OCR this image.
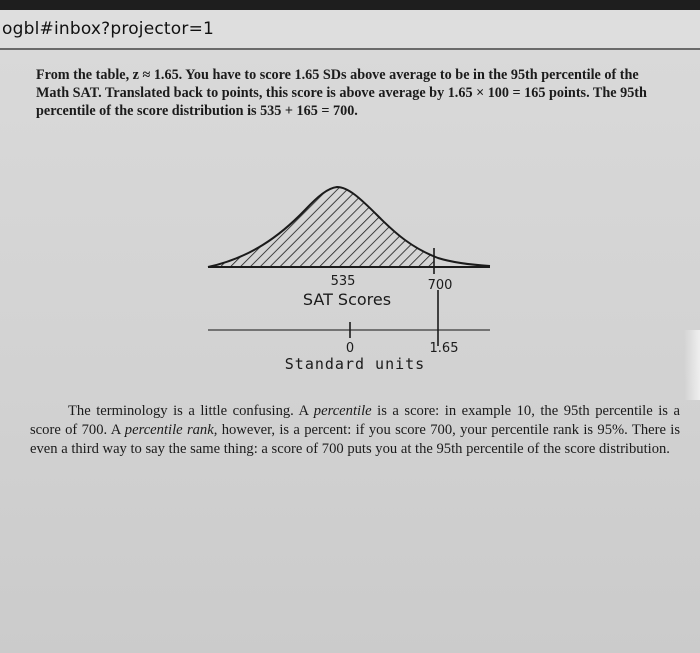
ogbl#inbox?projector=1
From the table, z ≈ 1.65. You have to score 1.65 SDs above average to be in the 95th percentile of the Math SAT. Translated back to points, this score is above average by 1.65 × 100 = 165 points. The 95th percentile of the score distribution is 535 + 165 = 700.
535	700
SAT Scores
0	1.65
Standard units
The terminology is a little confusing. A percentile is a score: in example 10, the 95th percentile is a score of 700. A percentile rank, however, is a percent: if you score 700, your percentile rank is 95%. There is even a third way to say the same thing: a score of 700 puts you at the 95th percentile of the score distribution.
